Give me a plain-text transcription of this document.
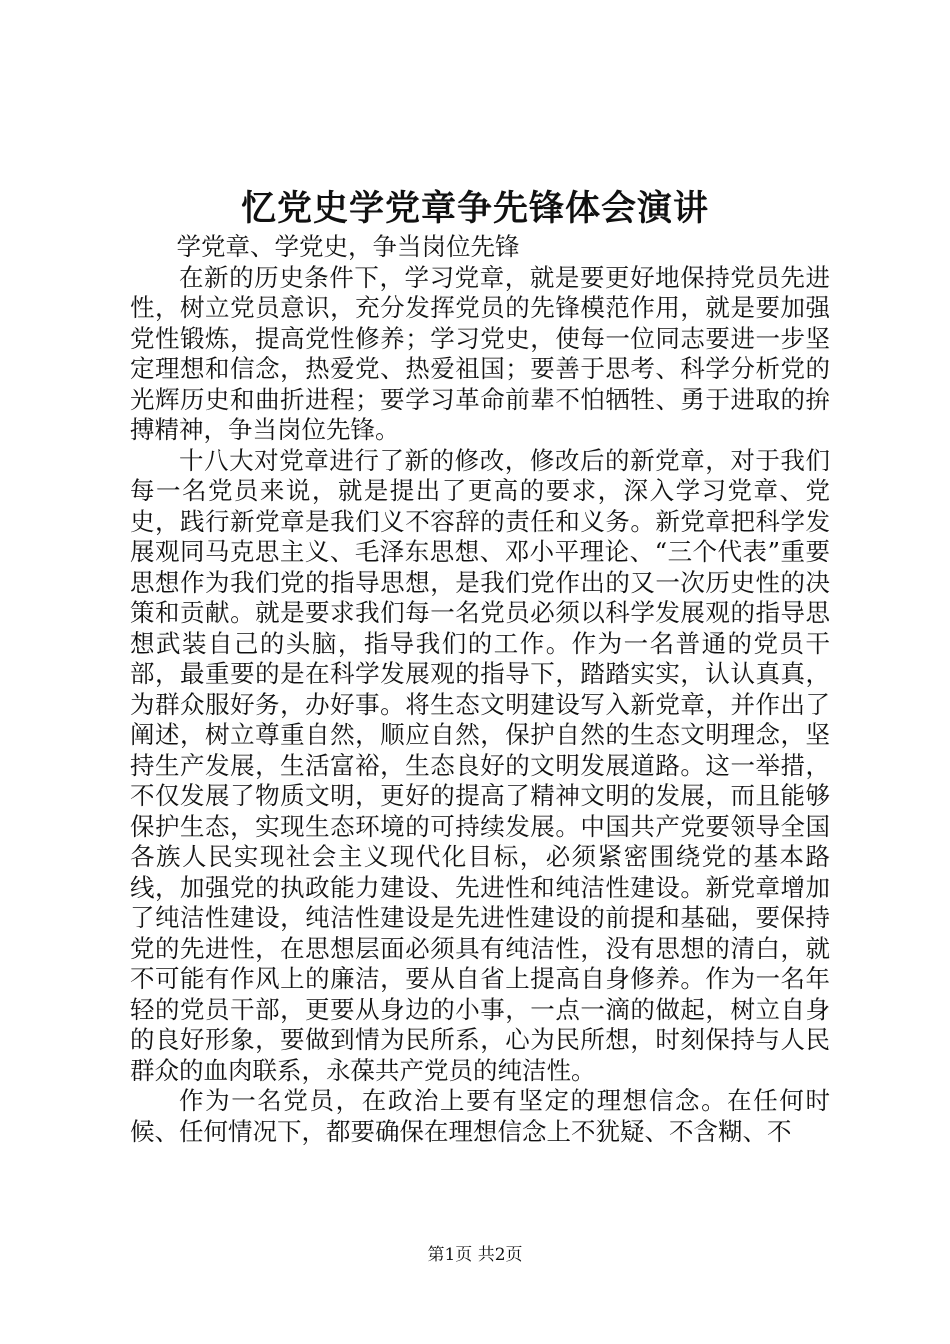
忆党史学党章争先锋体会演讲

学党章、学党史，争当岗位先锋

在新的历史条件下，学习党章，就是要更好地保持党员先进性，树立党员意识，充分发挥党员的先锋模范作用，就是要加强党性锻炼，提高党性修养；学习党史，使每一位同志要进一步坚定理想和信念，热爱党、热爱祖国；要善于思考、科学分析党的光辉历史和曲折进程；要学习革命前辈不怕牺牲、勇于进取的拚搏精神，争当岗位先锋。

十八大对党章进行了新的修改，修改后的新党章，对于我们每一名党员来说，就是提出了更高的要求，深入学习党章、党史，践行新党章是我们义不容辞的责任和义务。新党章把科学发展观同马克思主义、毛泽东思想、邓小平理论、“三个代表”重要思想作为我们党的指导思想，是我们党作出的又一次历史性的决策和贡献。就是要求我们每一名党员必须以科学发展观的指导思想武装自己的头脑，指导我们的工作。作为一名普通的党员干部，最重要的是在科学发展观的指导下，踏踏实实，认认真真，为群众服好务，办好事。将生态文明建设写入新党章，并作出了阐述，树立尊重自然，顺应自然，保护自然的生态文明理念，坚持生产发展，生活富裕，生态良好的文明发展道路。这一举措，不仅发展了物质文明，更好的提高了精神文明的发展，而且能够保护生态，实现生态环境的可持续发展。中国共产党要领导全国各族人民实现社会主义现代化目标，必须紧密围绕党的基本路线，加强党的执政能力建设、先进性和纯洁性建设。新党章增加了纯洁性建设，纯洁性建设是先进性建设的前提和基础，要保持党的先进性，在思想层面必须具有纯洁性，没有思想的清白，就不可能有作风上的廉洁，要从自省上提高自身修养。作为一名年轻的党员干部，更要从身边的小事，一点一滴的做起，树立自身的良好形象，要做到情为民所系，心为民所想，时刻保持与人民群众的血肉联系，永葆共产党员的纯洁性。

作为一名党员，在政治上要有坚定的理想信念。在任何时候、任何情况下，都要确保在理想信念上不犹疑、不含糊、不

第1页 共2页
